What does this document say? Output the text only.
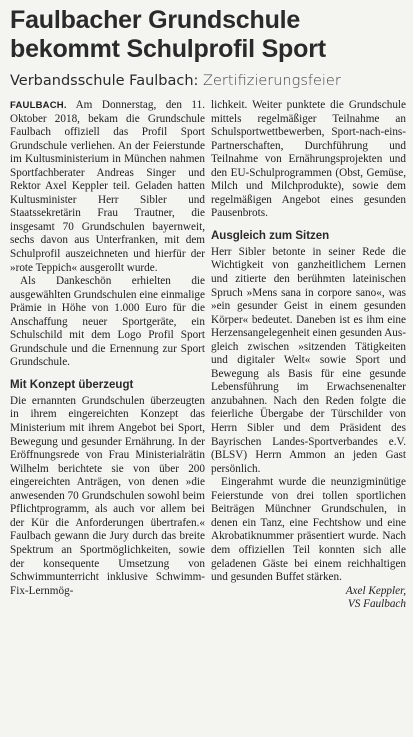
Faulbacher Grundschule bekommt Schulprofil Sport
Verbandsschule Faulbach: Zertifizierungsfeier

FAULBACH. Am Donnerstag, den 11. Oktober 2018, bekam die Grundschule Faulbach offiziell das Profil Sport Grundschule verliehen. An der Feierstunde im Kultusministerium in München nahmen Sportfachberater Andreas Singer und Rektor Axel Keppler teil. Geladen hatten Kultusminister Herr Sibler und Staatssekretärin Frau Trautner, die insgesamt 70 Grundschulen bayernweit, sechs davon aus Unterfranken, mit dem Schulprofil auszeichneten und hierfür der »rote Teppich« ausgerollt wurde.

Als Dankeschön erhielten die ausgewählten Grundschulen eine einmalige Prämie in Höhe von 1.000 Euro für die Anschaffung neuer Sportgeräte, ein Schulschild mit dem Logo Profil Sport Grundschule und die Ernennung zur Sport Grundschule.

Mit Konzept überzeugt

Die ernannten Grundschulen überzeugten in ihrem eingereichten Konzept das Ministerium mit ihrem Angebot bei Sport, Bewegung und gesunder Ernährung. In der Eröffnungsrede von Frau Ministerialrätin Wilhelm berichtete sie von über 200 eingereichten Anträgen, von denen »die anwesenden 70 Grundschulen sowohl beim Pflichtprogramm, als auch vor allem bei der Kür die Anforderungen übertrafen.« Faulbach gewann die Jury durch das breite Spektrum an Sportmöglichkeiten, sowie der konsequente Umsetzung von Schwimmunterricht inklusive Schwimm-Fix-Lernmög-

lichkeit. Weiter punktete die Grundschule mittels regelmäßiger Teilnahme an Schulsportwettbewerben, Sport-nach-eins-Partnerschaften, Durchführung und Teilnahme von Ernährungsprojekten und den EU-Schulprogrammen (Obst, Gemüse, Milch und Milchprodukte), sowie dem regelmäßigen Angebot eines gesunden Pausenbrots.

Ausgleich zum Sitzen

Herr Sibler betonte in seiner Rede die Wichtigkeit von ganzheitlichem Lernen und zitierte den berühmten lateinischen Spruch »Mens sana in corpore sano«, was »ein gesunder Geist in einem gesunden Körper« bedeutet. Daneben ist es ihm eine Herzensangelegenheit einen gesunden Ausgleich zwischen »sitzenden Tätigkeiten und digitaler Welt« sowie Sport und Bewegung als Basis für eine gesunde Lebensführung im Erwachsenenalter anzubahnen. Nach den Reden folgte die feierliche Übergabe der Türschilder von Herrn Sibler und dem Präsident des Bayrischen Landes-Sportverbandes e.V. (BLSV) Herrn Ammon an jeden Gast persönlich.

Eingerahmt wurde die neunzigminütige Feierstunde von drei tollen sportlichen Beiträgen Münchner Grundschulen, in denen ein Tanz, eine Fechtshow und eine Akrobatiknummer präsentiert wurde. Nach dem offiziellen Teil konnten sich alle geladenen Gäste bei einem reichhaltigen und gesunden Buffet stärken.

Axel Keppler,
VS Faulbach
